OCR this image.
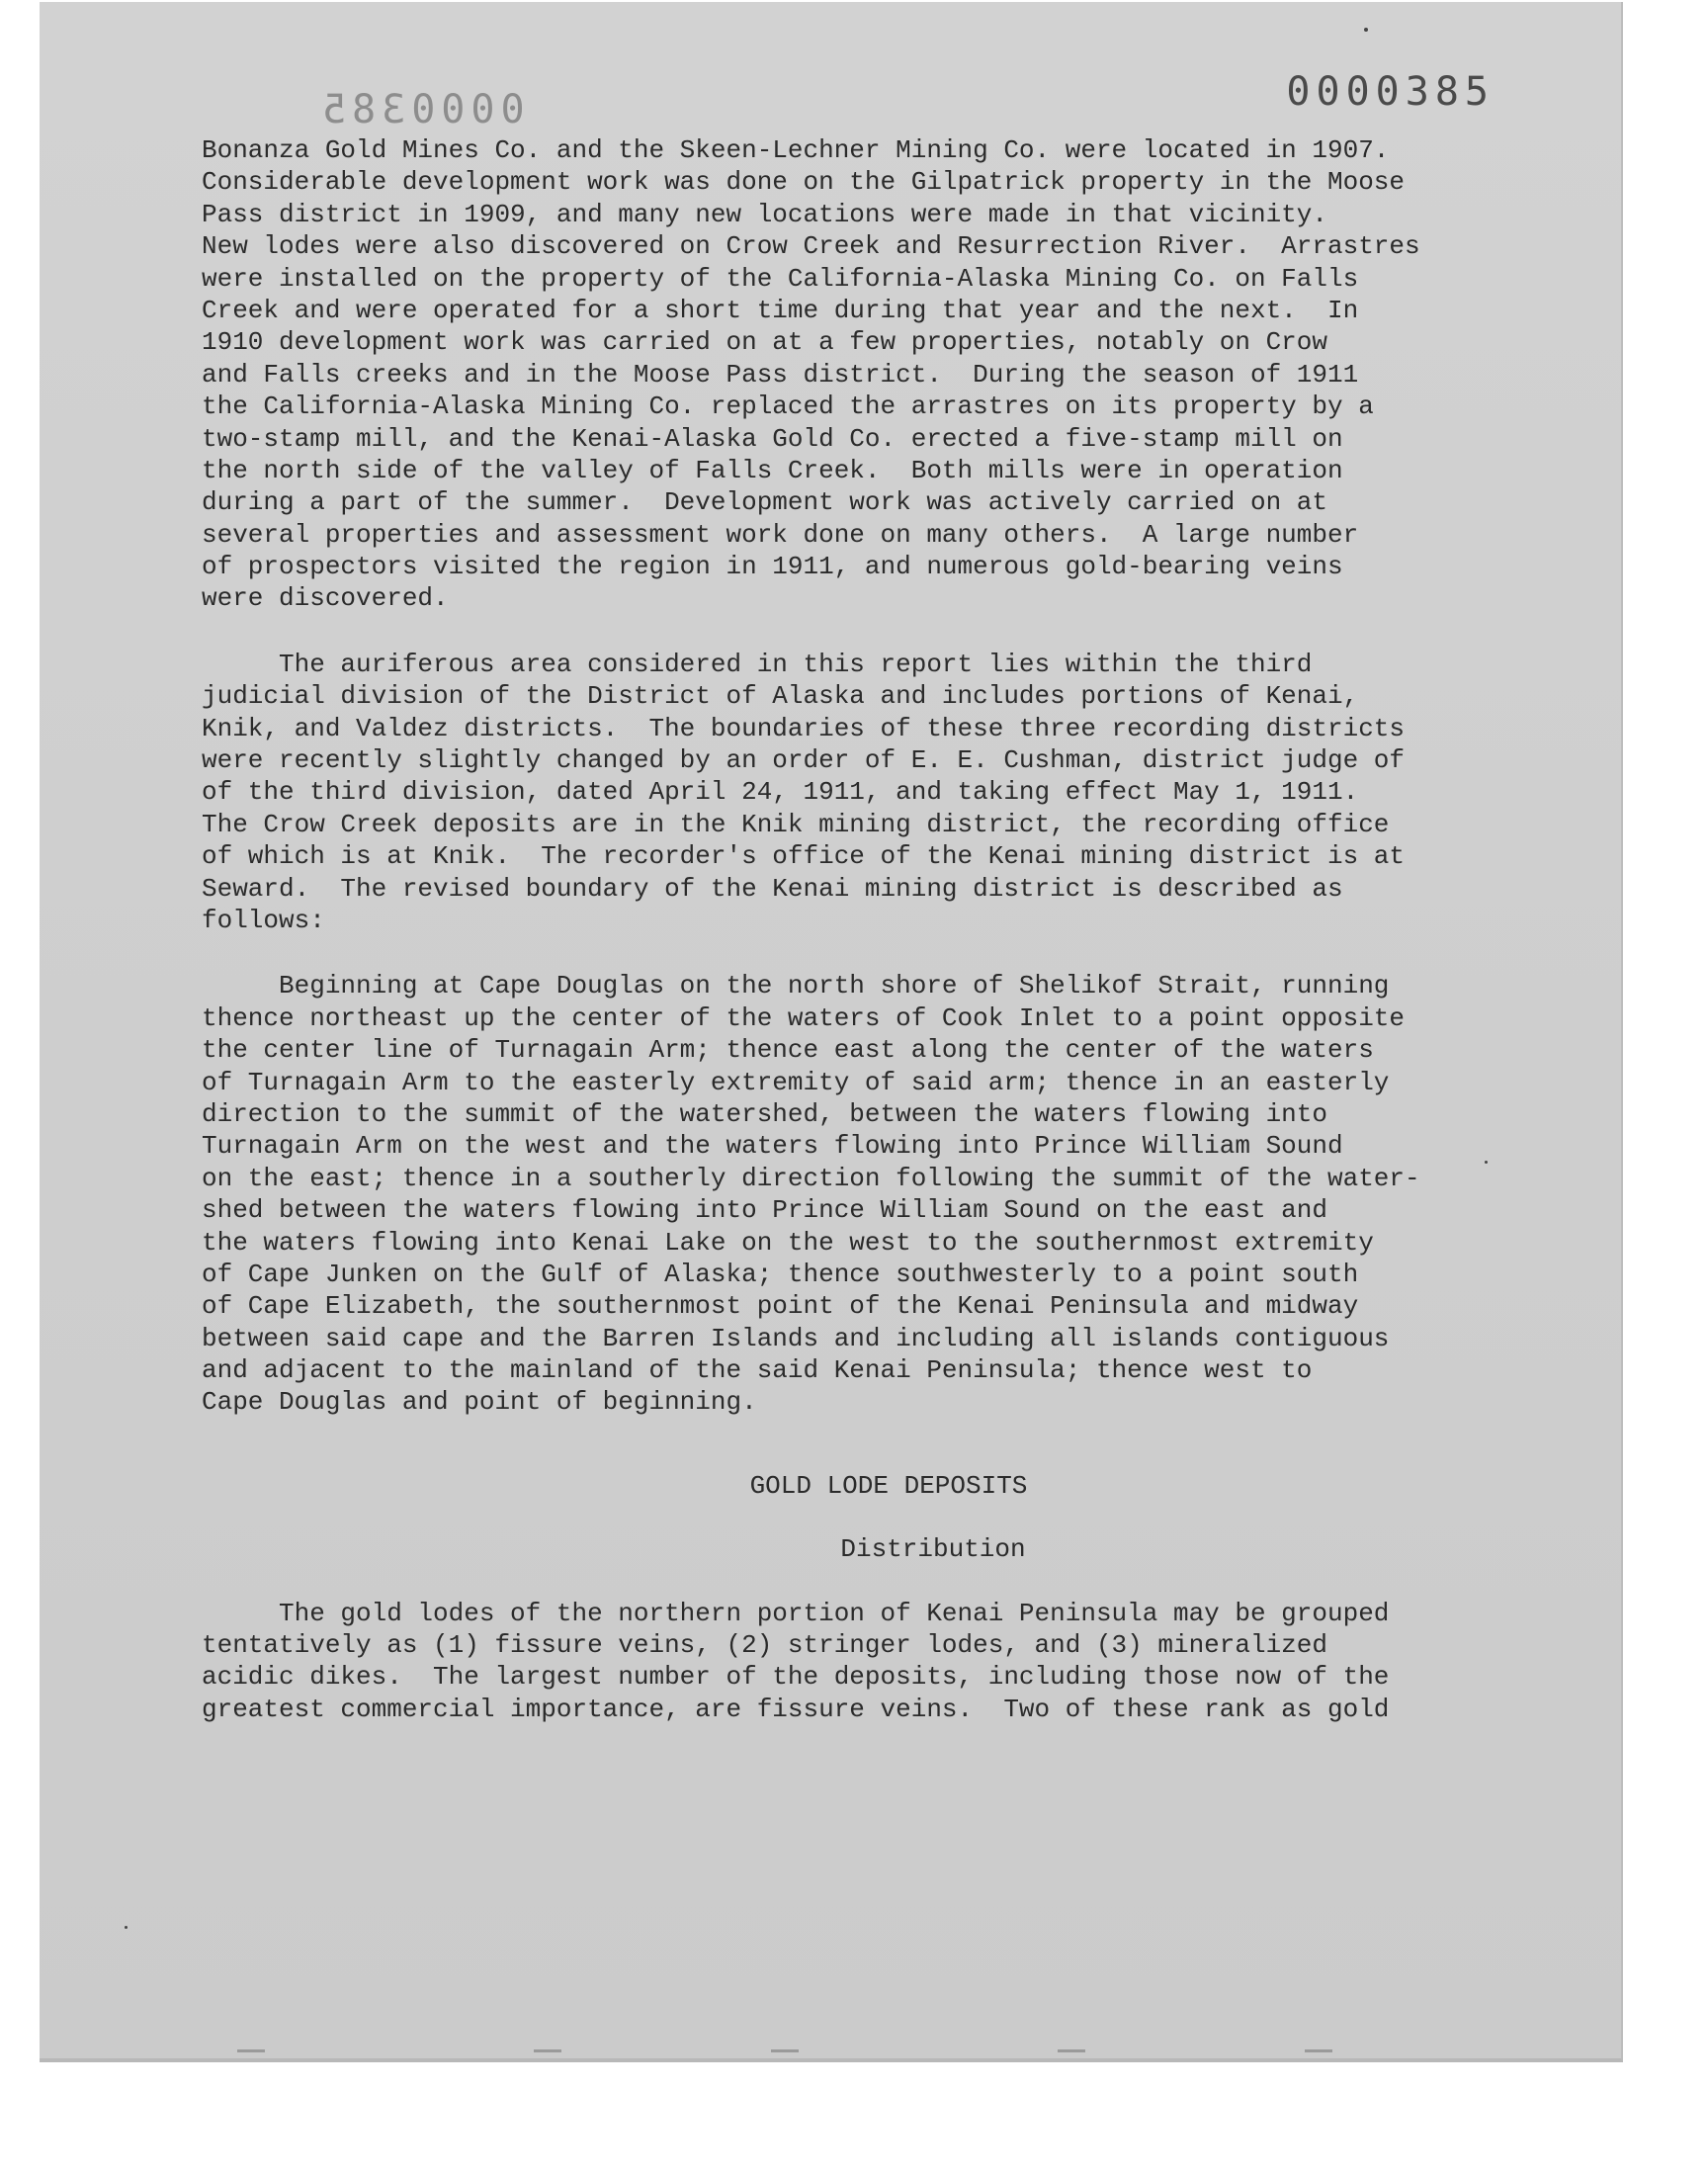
0000385	0000385
Bonanza Gold Mines Co. and the Skeen-Lechner Mining Co. were located in 1907.
Considerable development work was done on the Gilpatrick property in the Moose
Pass district in 1909, and many new locations were made in that vicinity.
New lodes were also discovered on Crow Creek and Resurrection River.  Arrastres
were installed on the property of the California-Alaska Mining Co. on Falls
Creek and were operated for a short time during that year and the next.  In
1910 development work was carried on at a few properties, notably on Crow
and Falls creeks and in the Moose Pass district.  During the season of 1911
the California-Alaska Mining Co. replaced the arrastres on its property by a
two-stamp mill, and the Kenai-Alaska Gold Co. erected a five-stamp mill on
the north side of the valley of Falls Creek.  Both mills were in operation
during a part of the summer.  Development work was actively carried on at
several properties and assessment work done on many others.  A large number
of prospectors visited the region in 1911, and numerous gold-bearing veins
were discovered.
The auriferous area considered in this report lies within the third
judicial division of the District of Alaska and includes portions of Kenai,
Knik, and Valdez districts.  The boundaries of these three recording districts
were recently slightly changed by an order of E. E. Cushman, district judge of
of the third division, dated April 24, 1911, and taking effect May 1, 1911.
The Crow Creek deposits are in the Knik mining district, the recording office
of which is at Knik.  The recorder's office of the Kenai mining district is at
Seward.  The revised boundary of the Kenai mining district is described as
follows:
Beginning at Cape Douglas on the north shore of Shelikof Strait, running
thence northeast up the center of the waters of Cook Inlet to a point opposite
the center line of Turnagain Arm; thence east along the center of the waters
of Turnagain Arm to the easterly extremity of said arm; thence in an easterly
direction to the summit of the watershed, between the waters flowing into
Turnagain Arm on the west and the waters flowing into Prince William Sound
on the east; thence in a southerly direction following the summit of the water-
shed between the waters flowing into Prince William Sound on the east and
the waters flowing into Kenai Lake on the west to the southernmost extremity
of Cape Junken on the Gulf of Alaska; thence southwesterly to a point south
of Cape Elizabeth, the southernmost point of the Kenai Peninsula and midway
between said cape and the Barren Islands and including all islands contiguous
and adjacent to the mainland of the said Kenai Peninsula; thence west to
Cape Douglas and point of beginning.
GOLD LODE DEPOSITS
Distribution
The gold lodes of the northern portion of Kenai Peninsula may be grouped
tentatively as (1) fissure veins, (2) stringer lodes, and (3) mineralized
acidic dikes.  The largest number of the deposits, including those now of the
greatest commercial importance, are fissure veins.  Two of these rank as gold
